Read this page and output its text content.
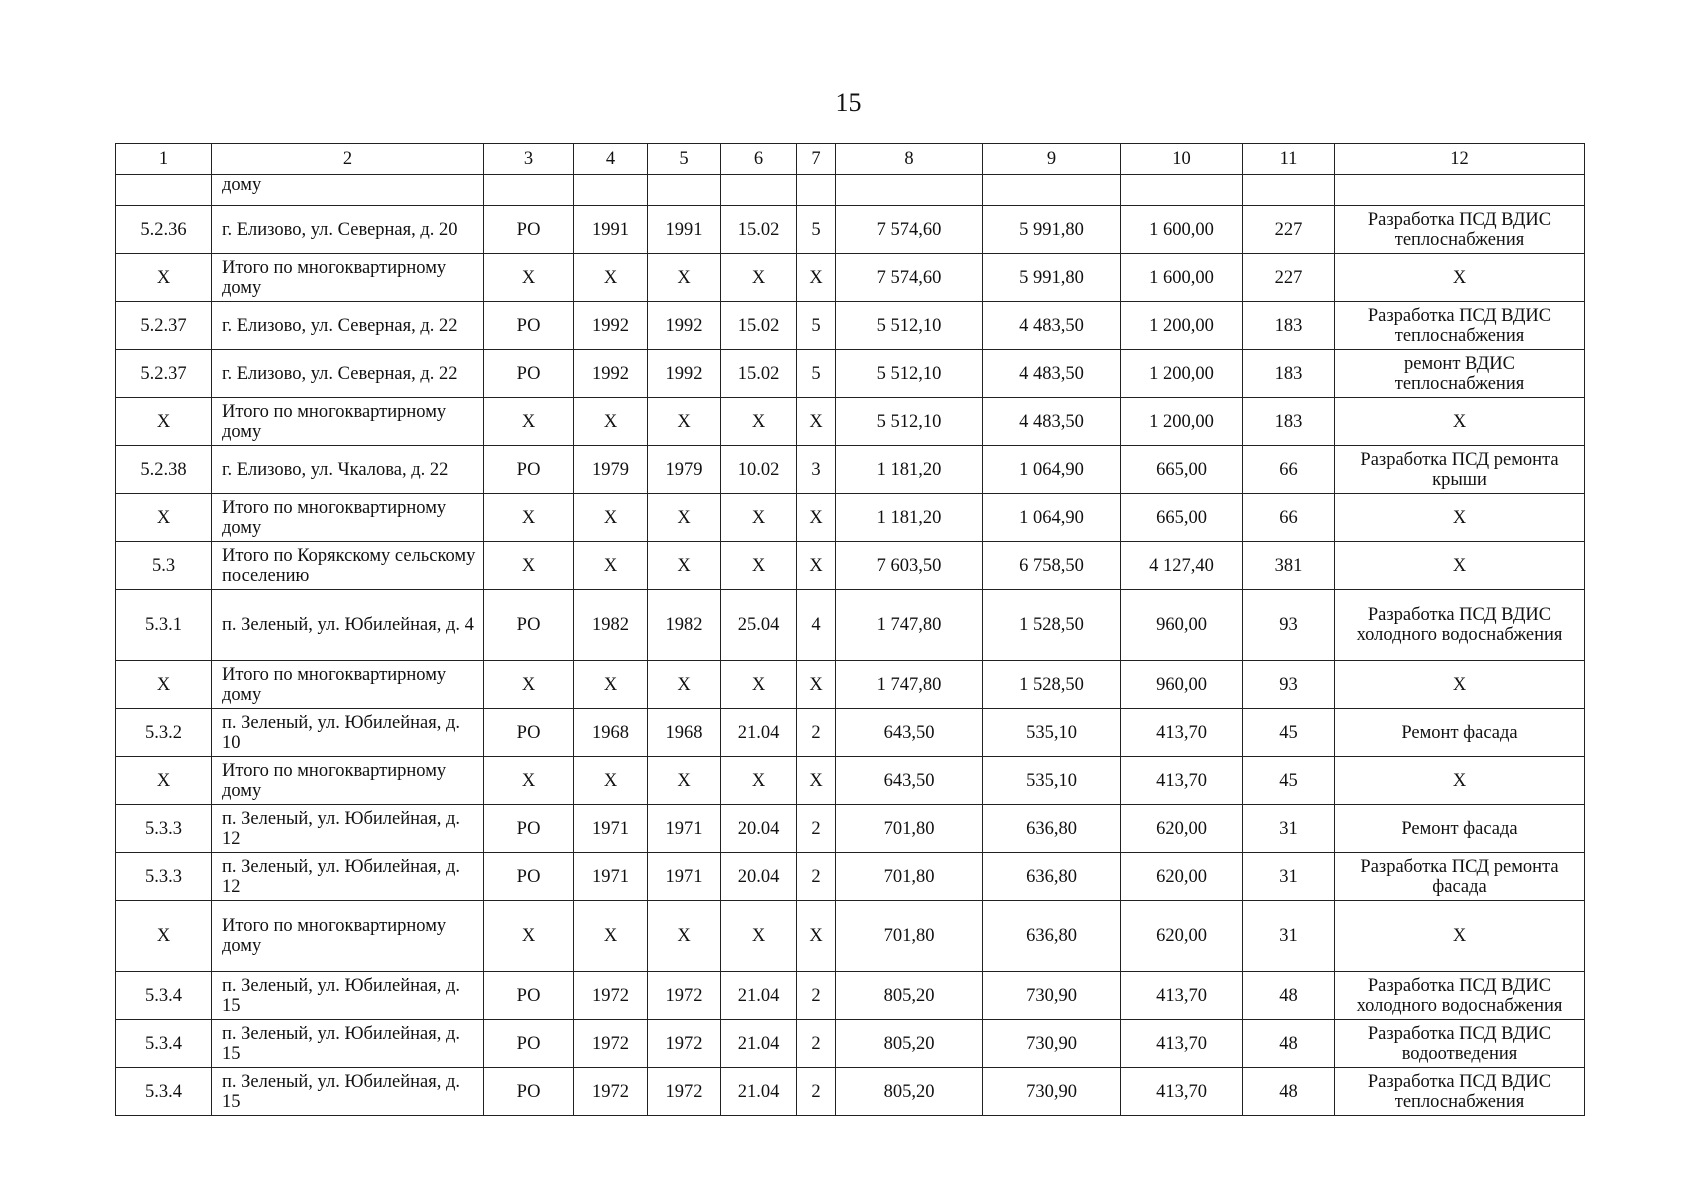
15
1	2	3	4	5	6	7	8	9	10	11	12
	дому										
5.2.36	г. Елизово, ул. Северная, д. 20	РО	1991	1991	15.02	5	7 574,60	5 991,80	1 600,00	227	Разработка ПСД ВДИС теплоснабжения
Х	Итого по многоквартирному дому	Х	Х	Х	Х	Х	7 574,60	5 991,80	1 600,00	227	Х
5.2.37	г. Елизово, ул. Северная, д. 22	РО	1992	1992	15.02	5	5 512,10	4 483,50	1 200,00	183	Разработка ПСД ВДИС теплоснабжения
5.2.37	г. Елизово, ул. Северная, д. 22	РО	1992	1992	15.02	5	5 512,10	4 483,50	1 200,00	183	ремонт ВДИС теплоснабжения
Х	Итого по многоквартирному дому	Х	Х	Х	Х	Х	5 512,10	4 483,50	1 200,00	183	Х
5.2.38	г. Елизово, ул. Чкалова, д. 22	РО	1979	1979	10.02	3	1 181,20	1 064,90	665,00	66	Разработка ПСД ремонта крыши
Х	Итого по многоквартирному дому	Х	Х	Х	Х	Х	1 181,20	1 064,90	665,00	66	Х
5.3	Итого по Корякскому сельскому поселению	Х	Х	Х	Х	Х	7 603,50	6 758,50	4 127,40	381	Х
5.3.1	п. Зеленый, ул. Юбилейная, д. 4	РО	1982	1982	25.04	4	1 747,80	1 528,50	960,00	93	Разработка ПСД ВДИС холодного водоснабжения
Х	Итого по многоквартирному дому	Х	Х	Х	Х	Х	1 747,80	1 528,50	960,00	93	Х
5.3.2	п. Зеленый, ул. Юбилейная, д. 10	РО	1968	1968	21.04	2	643,50	535,10	413,70	45	Ремонт фасада
Х	Итого по многоквартирному дому	Х	Х	Х	Х	Х	643,50	535,10	413,70	45	Х
5.3.3	п. Зеленый, ул. Юбилейная, д. 12	РО	1971	1971	20.04	2	701,80	636,80	620,00	31	Ремонт фасада
5.3.3	п. Зеленый, ул. Юбилейная, д. 12	РО	1971	1971	20.04	2	701,80	636,80	620,00	31	Разработка ПСД ремонта фасада
Х	Итого по многоквартирному дому	Х	Х	Х	Х	Х	701,80	636,80	620,00	31	Х
5.3.4	п. Зеленый, ул. Юбилейная, д. 15	РО	1972	1972	21.04	2	805,20	730,90	413,70	48	Разработка ПСД ВДИС холодного водоснабжения
5.3.4	п. Зеленый, ул. Юбилейная, д. 15	РО	1972	1972	21.04	2	805,20	730,90	413,70	48	Разработка ПСД ВДИС водоотведения
5.3.4	п. Зеленый, ул. Юбилейная, д. 15	РО	1972	1972	21.04	2	805,20	730,90	413,70	48	Разработка ПСД ВДИС теплоснабжения
